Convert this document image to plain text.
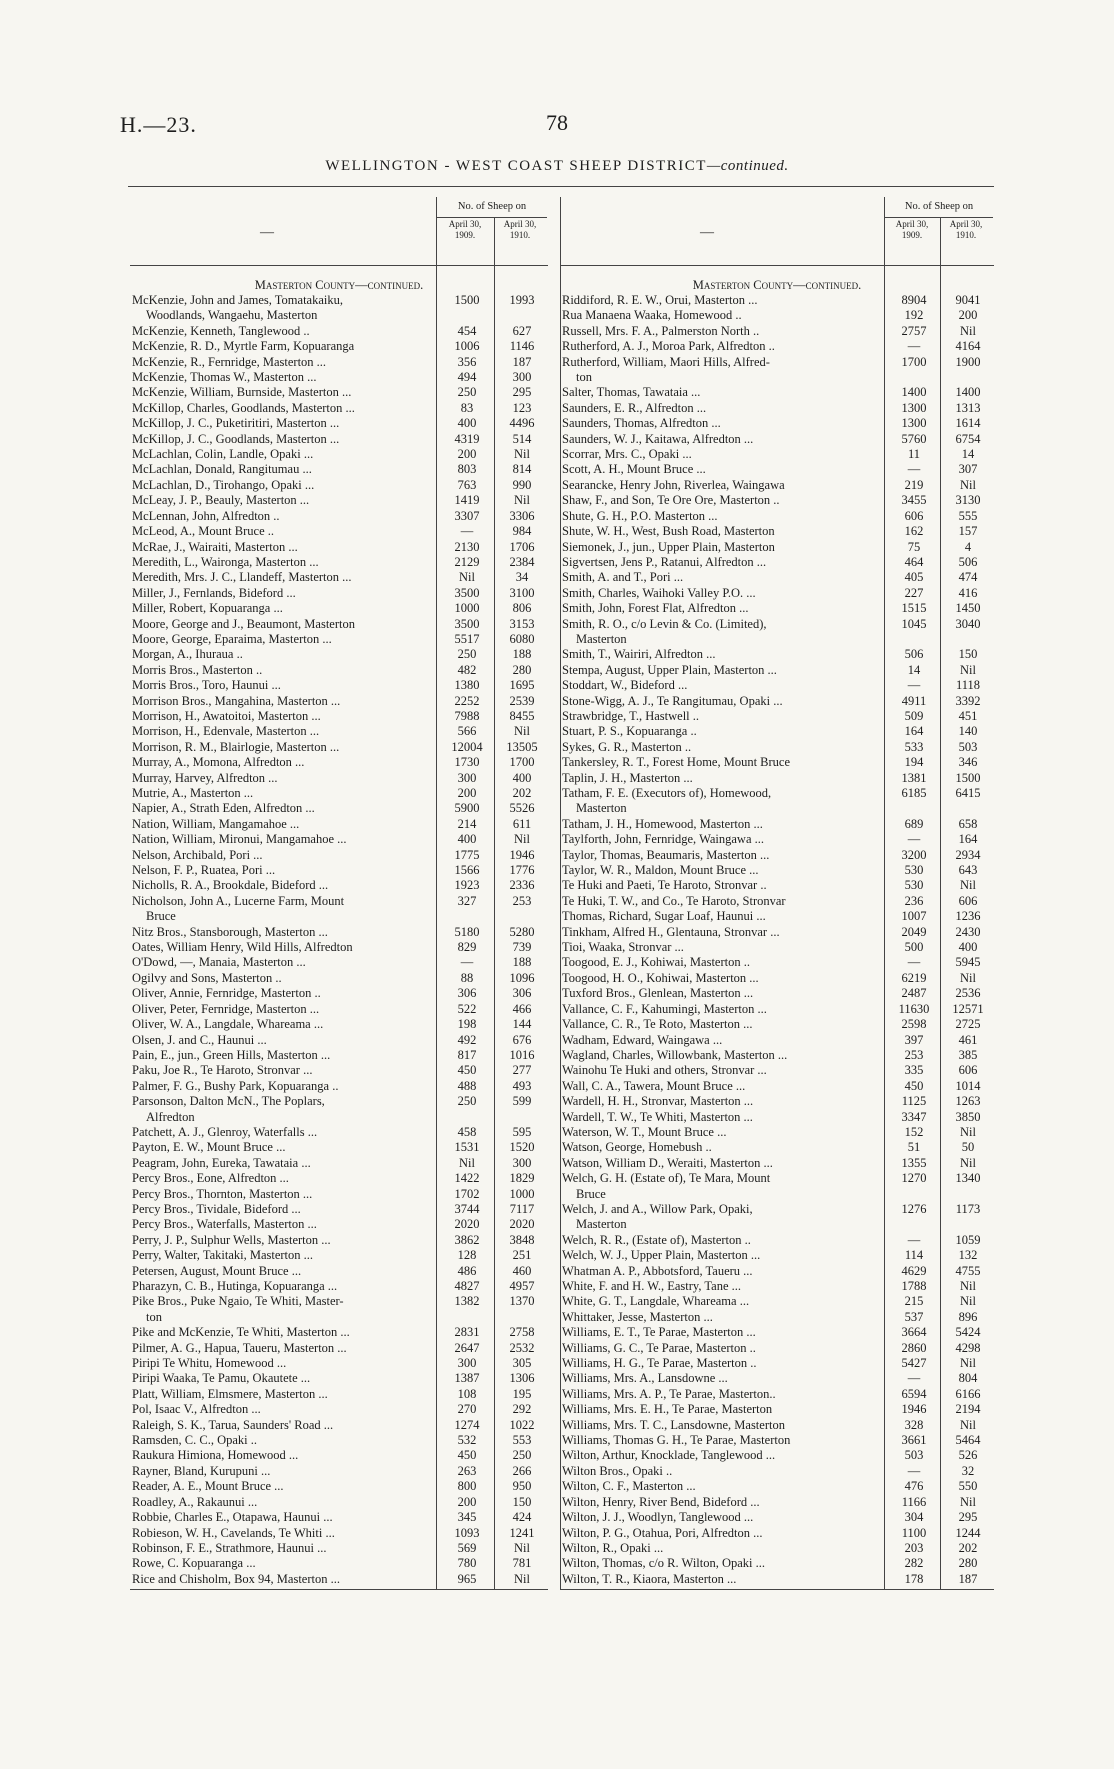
H.—23.	78
WELLINGTON - WEST COAST SHEEP DISTRICT—continued.
—
No. of Sheep on
April 30,
1909.
April 30,
1910.
Masterton County—continued.
McKenzie, John and James, Tomatakaiku,
Woodlands, Wangaehu, Masterton
1500	1993
McKenzie, Kenneth, Tanglewood ..	454	627
McKenzie, R. D., Myrtle Farm, Kopuaranga	1006	1146
McKenzie, R., Fernridge, Masterton ...	356	187
McKenzie, Thomas W., Masterton ...	494	300
McKenzie, William, Burnside, Masterton ...	250	295
McKillop, Charles, Goodlands, Masterton ...	83	123
McKillop, J. C., Puketiritiri, Masterton ...	400	4496
McKillop, J. C., Goodlands, Masterton ...	4319	514
McLachlan, Colin, Landle, Opaki ...	200	Nil
McLachlan, Donald, Rangitumau ...	803	814
McLachlan, D., Tirohango, Opaki ...	763	990
McLeay, J. P., Beauly, Masterton ...	1419	Nil
McLennan, John, Alfredton ..	3307	3306
McLeod, A., Mount Bruce ..	—	984
McRae, J., Wairaiti, Masterton ...	2130	1706
Meredith, L., Waironga, Masterton ...	2129	2384
Meredith, Mrs. J. C., Llandeff, Masterton ...	Nil	34
Miller, J., Fernlands, Bideford ...	3500	3100
Miller, Robert, Kopuaranga ...	1000	806
Moore, George and J., Beaumont, Masterton	3500	3153
Moore, George, Eparaima, Masterton ...	5517	6080
Morgan, A., Ihuraua ..	250	188
Morris Bros., Masterton ..	482	280
Morris Bros., Toro, Haunui ...	1380	1695
Morrison Bros., Mangahina, Masterton ...	2252	2539
Morrison, H., Awatoitoi, Masterton ...	7988	8455
Morrison, H., Edenvale, Masterton ...	566	Nil
Morrison, R. M., Blairlogie, Masterton ...	12004	13505
Murray, A., Momona, Alfredton ...	1730	1700
Murray, Harvey, Alfredton ...	300	400
Mutrie, A., Masterton ...	200	202
Napier, A., Strath Eden, Alfredton ...	5900	5526
Nation, William, Mangamahoe ...	214	611
Nation, William, Mironui, Mangamahoe ...	400	Nil
Nelson, Archibald, Pori ...	1775	1946
Nelson, F. P., Ruatea, Pori ...	1566	1776
Nicholls, R. A., Brookdale, Bideford ...	1923	2336
Nicholson, John A., Lucerne Farm, Mount
Bruce
327	253
Nitz Bros., Stansborough, Masterton ...	5180	5280
Oates, William Henry, Wild Hills, Alfredton	829	739
O'Dowd, —, Manaia, Masterton ...	—	188
Ogilvy and Sons, Masterton ..	88	1096
Oliver, Annie, Fernridge, Masterton ..	306	306
Oliver, Peter, Fernridge, Masterton ...	522	466
Oliver, W. A., Langdale, Whareama ...	198	144
Olsen, J. and C., Haunui ...	492	676
Pain, E., jun., Green Hills, Masterton ...	817	1016
Paku, Joe R., Te Haroto, Stronvar ...	450	277
Palmer, F. G., Bushy Park, Kopuaranga ..	488	493
Parsonson, Dalton McN., The Poplars,
Alfredton
250	599
Patchett, A. J., Glenroy, Waterfalls ...	458	595
Payton, E. W., Mount Bruce ...	1531	1520
Peagram, John, Eureka, Tawataia ...	Nil	300
Percy Bros., Eone, Alfredton ...	1422	1829
Percy Bros., Thornton, Masterton ...	1702	1000
Percy Bros., Tividale, Bideford ...	3744	7117
Percy Bros., Waterfalls, Masterton ...	2020	2020
Perry, J. P., Sulphur Wells, Masterton ...	3862	3848
Perry, Walter, Takitaki, Masterton ...	128	251
Petersen, August, Mount Bruce ...	486	460
Pharazyn, C. B., Hutinga, Kopuaranga ...	4827	4957
Pike Bros., Puke Ngaio, Te Whiti, Master-
ton
1382	1370
Pike and McKenzie, Te Whiti, Masterton ...	2831	2758
Pilmer, A. G., Hapua, Taueru, Masterton ...	2647	2532
Piripi Te Whitu, Homewood ...	300	305
Piripi Waaka, Te Pamu, Okautete ...	1387	1306
Platt, William, Elmsmere, Masterton ...	108	195
Pol, Isaac V., Alfredton ...	270	292
Raleigh, S. K., Tarua, Saunders' Road ...	1274	1022
Ramsden, C. C., Opaki ..	532	553
Raukura Himiona, Homewood ...	450	250
Rayner, Bland, Kurupuni ...	263	266
Reader, A. E., Mount Bruce ...	800	950
Roadley, A., Rakaunui ...	200	150
Robbie, Charles E., Otapawa, Haunui ...	345	424
Robieson, W. H., Cavelands, Te Whiti ...	1093	1241
Robinson, F. E., Strathmore, Haunui ...	569	Nil
Rowe, C. Kopuaranga ...	780	781
Rice and Chisholm, Box 94, Masterton ...	965	Nil
—
No. of Sheep on
April 30,
1909.
April 30,
1910.
Masterton County—continued.
Riddiford, R. E. W., Orui, Masterton ...	8904	9041
Rua Manaena Waaka, Homewood ..	192	200
Russell, Mrs. F. A., Palmerston North ..	2757	Nil
Rutherford, A. J., Moroa Park, Alfredton ..	—	4164
Rutherford, William, Maori Hills, Alfred-
ton
1700	1900
Salter, Thomas, Tawataia ...	1400	1400
Saunders, E. R., Alfredton ...	1300	1313
Saunders, Thomas, Alfredton ...	1300	1614
Saunders, W. J., Kaitawa, Alfredton ...	5760	6754
Scorrar, Mrs. C., Opaki ...	11	14
Scott, A. H., Mount Bruce ...	—	307
Searancke, Henry John, Riverlea, Waingawa	219	Nil
Shaw, F., and Son, Te Ore Ore, Masterton ..	3455	3130
Shute, G. H., P.O. Masterton ...	606	555
Shute, W. H., West, Bush Road, Masterton	162	157
Siemonek, J., jun., Upper Plain, Masterton	75	4
Sigvertsen, Jens P., Ratanui, Alfredton ...	464	506
Smith, A. and T., Pori ...	405	474
Smith, Charles, Waihoki Valley P.O. ...	227	416
Smith, John, Forest Flat, Alfredton ...	1515	1450
Smith, R. O., c/o Levin & Co. (Limited),
Masterton
1045	3040
Smith, T., Wairiri, Alfredton ...	506	150
Stempa, August, Upper Plain, Masterton ...	14	Nil
Stoddart, W., Bideford ...	—	1118
Stone-Wigg, A. J., Te Rangitumau, Opaki ...	4911	3392
Strawbridge, T., Hastwell ..	509	451
Stuart, P. S., Kopuaranga ..	164	140
Sykes, G. R., Masterton ..	533	503
Tankersley, R. T., Forest Home, Mount Bruce	194	346
Taplin, J. H., Masterton ...	1381	1500
Tatham, F. E. (Executors of), Homewood,
Masterton
6185	6415
Tatham, J. H., Homewood, Masterton ...	689	658
Taylforth, John, Fernridge, Waingawa ...	—	164
Taylor, Thomas, Beaumaris, Masterton ...	3200	2934
Taylor, W. R., Maldon, Mount Bruce ...	530	643
Te Huki and Paeti, Te Haroto, Stronvar ..	530	Nil
Te Huki, T. W., and Co., Te Haroto, Stronvar	236	606
Thomas, Richard, Sugar Loaf, Haunui ...	1007	1236
Tinkham, Alfred H., Glentauna, Stronvar ...	2049	2430
Tioi, Waaka, Stronvar ...	500	400
Toogood, E. J., Kohiwai, Masterton ..	—	5945
Toogood, H. O., Kohiwai, Masterton ...	6219	Nil
Tuxford Bros., Glenlean, Masterton ...	2487	2536
Vallance, C. F., Kahumingi, Masterton ...	11630	12571
Vallance, C. R., Te Roto, Masterton ...	2598	2725
Wadham, Edward, Waingawa ...	397	461
Wagland, Charles, Willowbank, Masterton ...	253	385
Wainohu Te Huki and others, Stronvar ...	335	606
Wall, C. A., Tawera, Mount Bruce ...	450	1014
Wardell, H. H., Stronvar, Masterton ...	1125	1263
Wardell, T. W., Te Whiti, Masterton ...	3347	3850
Waterson, W. T., Mount Bruce ...	152	Nil
Watson, George, Homebush ..	51	50
Watson, William D., Weraiti, Masterton ...	1355	Nil
Welch, G. H. (Estate of), Te Mara, Mount
Bruce
1270	1340
Welch, J. and A., Willow Park, Opaki,
Masterton
1276	1173
Welch, R. R., (Estate of), Masterton ..	—	1059
Welch, W. J., Upper Plain, Masterton ...	114	132
Whatman A. P., Abbotsford, Taueru ...	4629	4755
White, F. and H. W., Eastry, Tane ...	1788	Nil
White, G. T., Langdale, Whareama ...	215	Nil
Whittaker, Jesse, Masterton ...	537	896
Williams, E. T., Te Parae, Masterton ...	3664	5424
Williams, G. C., Te Parae, Masterton ..	2860	4298
Williams, H. G., Te Parae, Masterton ..	5427	Nil
Williams, Mrs. A., Lansdowne ...	—	804
Williams, Mrs. A. P., Te Parae, Masterton..	6594	6166
Williams, Mrs. E. H., Te Parae, Masterton	1946	2194
Williams, Mrs. T. C., Lansdowne, Masterton	328	Nil
Williams, Thomas G. H., Te Parae, Masterton	3661	5464
Wilton, Arthur, Knocklade, Tanglewood ...	503	526
Wilton Bros., Opaki ..	—	32
Wilton, C. F., Masterton ...	476	550
Wilton, Henry, River Bend, Bideford ...	1166	Nil
Wilton, J. J., Woodlyn, Tanglewood ...	304	295
Wilton, P. G., Otahua, Pori, Alfredton ...	1100	1244
Wilton, R., Opaki ...	203	202
Wilton, Thomas, c/o R. Wilton, Opaki ...	282	280
Wilton, T. R., Kiaora, Masterton ...	178	187
